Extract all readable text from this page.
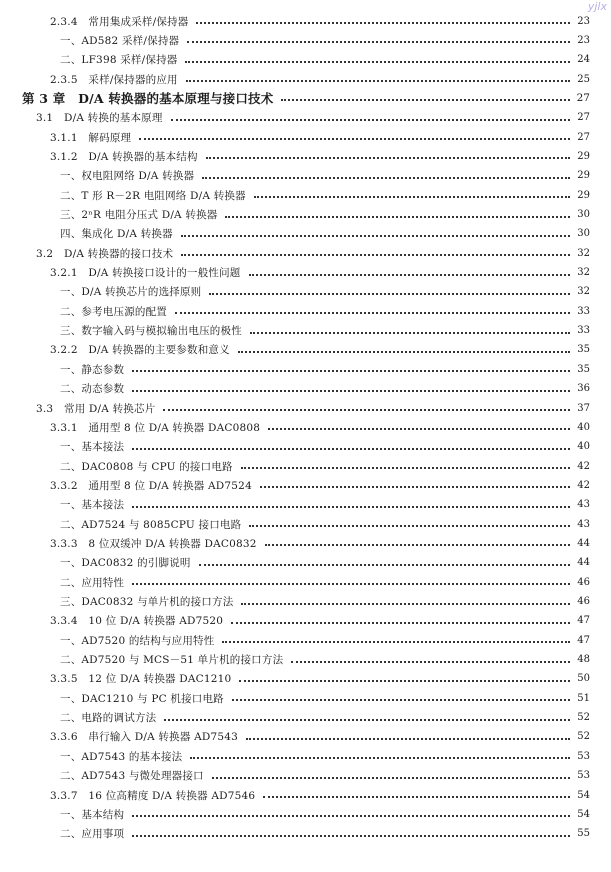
2.3.4　常用集成采样/保持器	23
一、AD582 采样/保持器	23
二、LF398 采样/保持器	24
2.3.5　采样/保持器的应用	25
第 3 章　D/A 转换器的基本原理与接口技术	27
3.1　D/A 转换的基本原理	27
3.1.1　解码原理	27
3.1.2　D/A 转换器的基本结构	29
一、权电阻网络 D/A 转换器	29
二、T 形 R－2R 电阻网络 D/A 转换器	29
三、2ⁿR 电阻分压式 D/A 转换器	30
四、集成化 D/A 转换器	30
3.2　D/A 转换器的接口技术	32
3.2.1　D/A 转换接口设计的一般性问题	32
一、D/A 转换芯片的选择原则	32
二、参考电压源的配置	33
三、数字输入码与模拟输出电压的极性	33
3.2.2　D/A 转换器的主要参数和意义	35
一、静态参数	35
二、动态参数	36
3.3　常用 D/A 转换芯片	37
3.3.1　通用型 8 位 D/A 转换器 DAC0808	40
一、基本接法	40
二、DAC0808 与 CPU 的接口电路	42
3.3.2　通用型 8 位 D/A 转换器 AD7524	42
一、基本接法	43
二、AD7524 与 8085CPU 接口电路	43
3.3.3　8 位双缓冲 D/A 转换器 DAC0832	44
一、DAC0832 的引脚说明	44
二、应用特性	46
三、DAC0832 与单片机的接口方法	46
3.3.4　10 位 D/A 转换器 AD7520	47
一、AD7520 的结构与应用特性	47
二、AD7520 与 MCS－51 单片机的接口方法	48
3.3.5　12 位 D/A 转换器 DAC1210	50
一、DAC1210 与 PC 机接口电路	51
二、电路的调试方法	52
3.3.6　串行输入 D/A 转换器 AD7543	52
一、AD7543 的基本接法	53
二、AD7543 与微处理器接口	53
3.3.7　16 位高精度 D/A 转换器 AD7546	54
一、基本结构	54
二、应用事项	55
yjlx
